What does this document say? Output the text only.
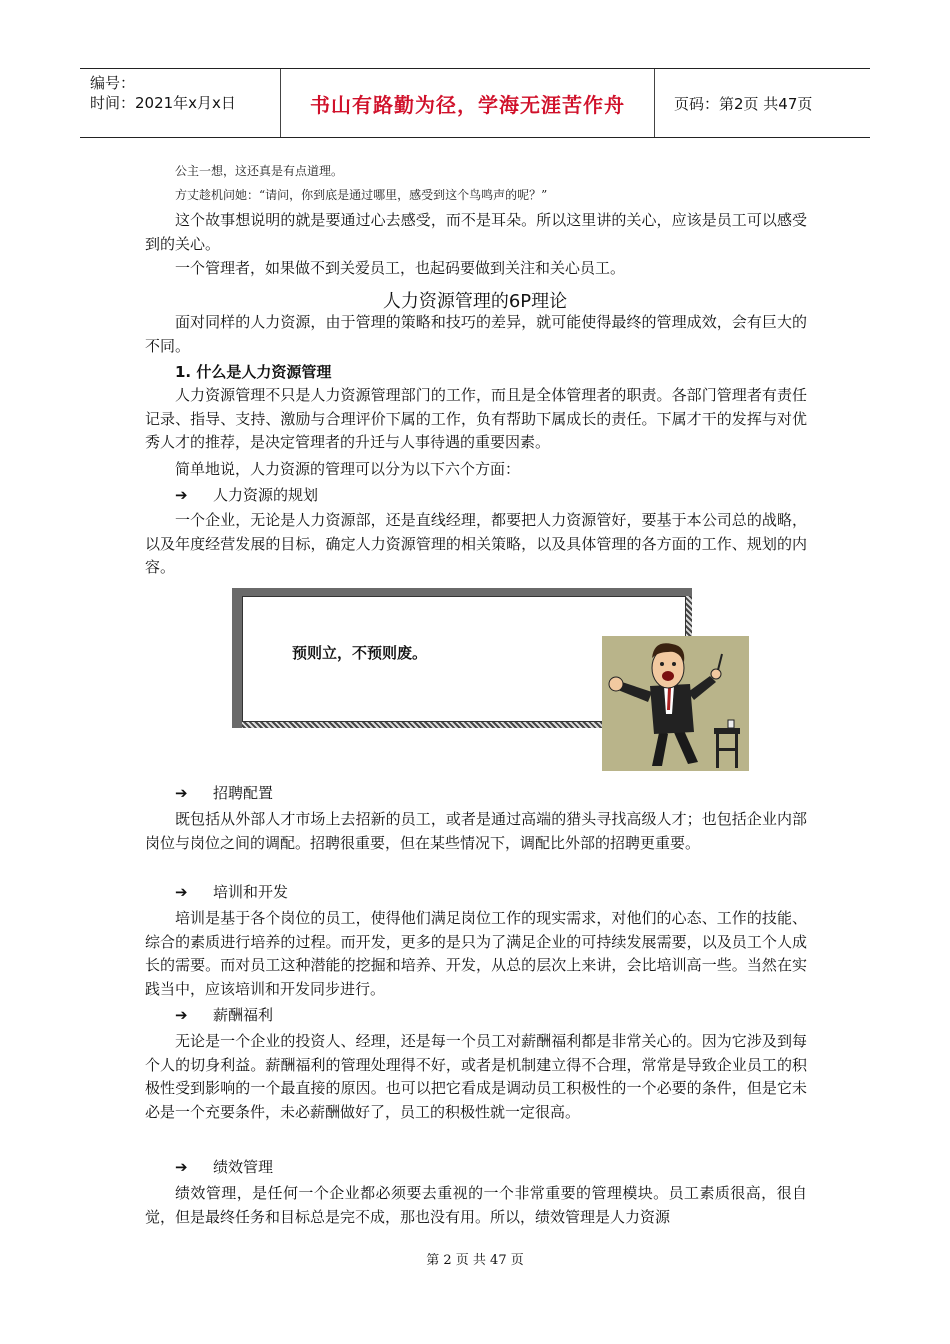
编号：
时间：2021年x月x日	书山有路勤为径，学海无涯苦作舟	页码：第2页 共47页
公主一想，这还真是有点道理。
方丈趁机问她：“请问，你到底是通过哪里，感受到这个鸟鸣声的呢？”
这个故事想说明的就是要通过心去感受，而不是耳朵。所以这里讲的关心，应该是员工可以感受到的关心。
一个管理者，如果做不到关爱员工，也起码要做到关注和关心员工。
人力资源管理的6P理论
面对同样的人力资源，由于管理的策略和技巧的差异，就可能使得最终的管理成效，会有巨大的不同。
1. 什么是人力资源管理
人力资源管理不只是人力资源管理部门的工作，而且是全体管理者的职责。各部门管理者有责任记录、指导、支持、激励与合理评价下属的工作，负有帮助下属成长的责任。下属才干的发挥与对优秀人才的推荐，是决定管理者的升迁与人事待遇的重要因素。
简单地说，人力资源的管理可以分为以下六个方面：
➔ 人力资源的规划
一个企业，无论是人力资源部，还是直线经理，都要把人力资源管好，要基于本公司总的战略，以及年度经营发展的目标，确定人力资源管理的相关策略，以及具体管理的各方面的工作、规划的内容。
预则立，不预则废。
➔ 招聘配置
既包括从外部人才市场上去招新的员工，或者是通过高端的猎头寻找高级人才；也包括企业内部岗位与岗位之间的调配。招聘很重要，但在某些情况下，调配比外部的招聘更重要。
➔ 培训和开发
培训是基于各个岗位的员工，使得他们满足岗位工作的现实需求，对他们的心态、工作的技能、综合的素质进行培养的过程。而开发，更多的是只为了满足企业的可持续发展需要，以及员工个人成长的需要。而对员工这种潜能的挖掘和培养、开发，从总的层次上来讲，会比培训高一些。当然在实践当中，应该培训和开发同步进行。
➔ 薪酬福利
无论是一个企业的投资人、经理，还是每一个员工对薪酬福利都是非常关心的。因为它涉及到每个人的切身利益。薪酬福利的管理处理得不好，或者是机制建立得不合理，常常是导致企业员工的积极性受到影响的一个最直接的原因。也可以把它看成是调动员工积极性的一个必要的条件，但是它未必是一个充要条件，未必薪酬做好了，员工的积极性就一定很高。
➔ 绩效管理
绩效管理，是任何一个企业都必须要去重视的一个非常重要的管理模块。员工素质很高，很自觉，但是最终任务和目标总是完不成，那也没有用。所以，绩效管理是人力资源
第 2 页 共 47 页
